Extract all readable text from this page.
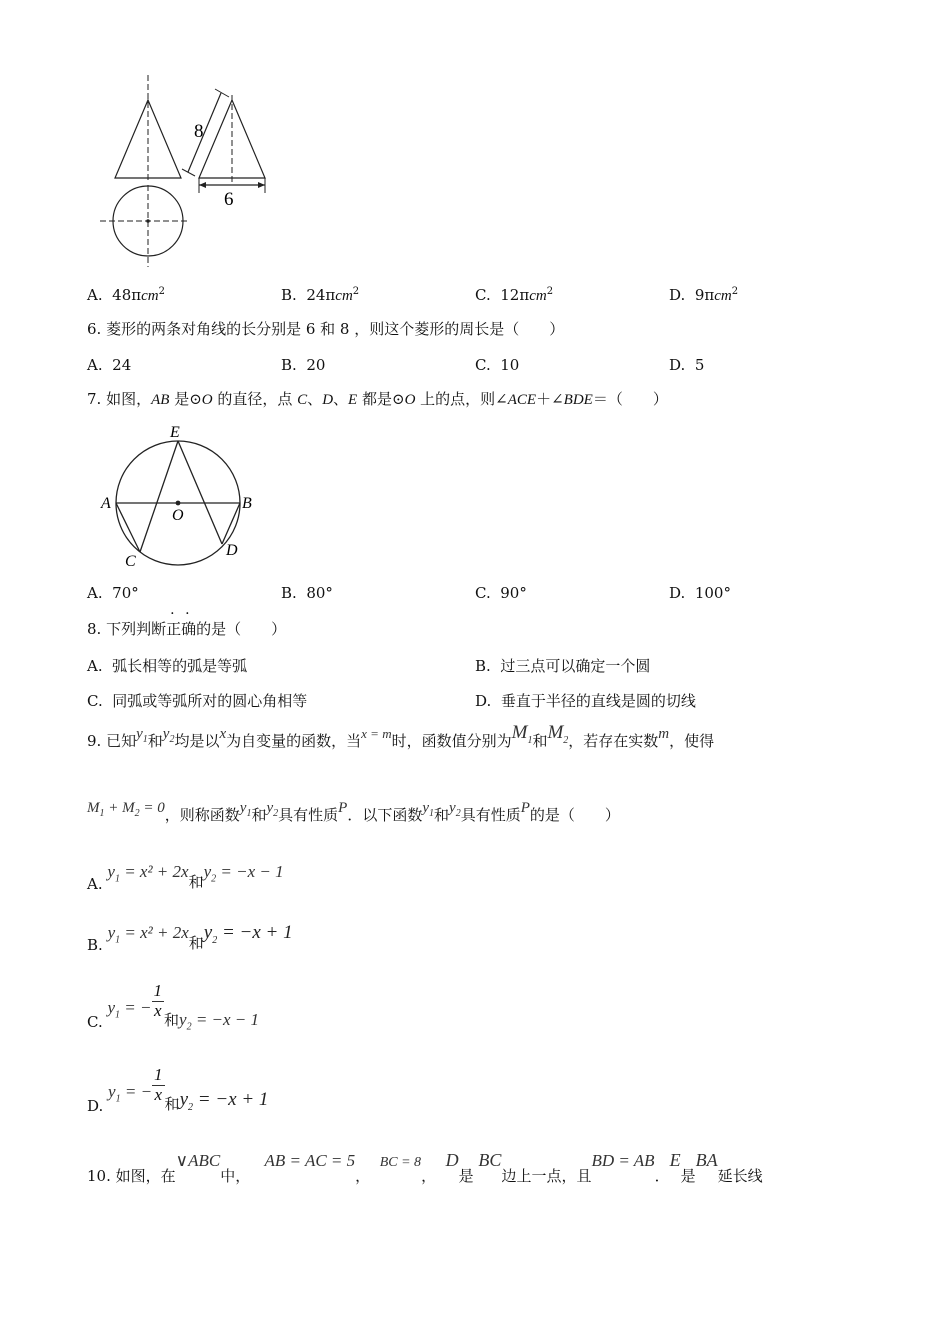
8
6
A. 48πcm$^2$	B. 24πcm$^2$	C. 12πcm$^2$	D. 9πcm$^2$
6. 菱形的两条对角线的长分别是 6 和 8 ，则这个菱形的周长是（　　）
A. 24	B. 20	C. 10	D. 5
7. 如图，AB 是⊙O 的直径，点 C、D、E 都是⊙O 上的点，则∠ACE＋∠BDE＝（　　）
E
A
O
B
C
D
A. 70°	B. 80°	C. 90°	D. 100°
8. 下列判断正确的是（　　）
A. 弧长相等的弧是等弧	B. 过三点可以确定一个圆
C. 同弧或等弧所对的圆心角相等	D. 垂直于半径的直线是圆的切线
9. 已知$y_1$和$y_2$均是以x为自变量的函数，当x = m时，函数值分别为$M_1$和$M_2$，若存在实数m，使得
$M_1 + M_2 = 0$，则称函数$y_1$和$y_2$具有性质P．以下函数$y_1$和$y_2$具有性质P的是（　　）
A. $y_1 = x^2 + 2x$和$y_2 = -x - 1$
B. $y_1 = x^2 + 2x$和$y_2 = -x + 1$
C. $y_1$ = − $\frac{1}{x}$ 和$y_2 = -x - 1$
D. $y_1$ = − $\frac{1}{x}$ 和$y_2 = -x + 1$
10. 如图，在∨ABC中，   AB = AC = 5，  BC = 8，  D是 BC边上一点，且BD = AB．E是BA延长线
